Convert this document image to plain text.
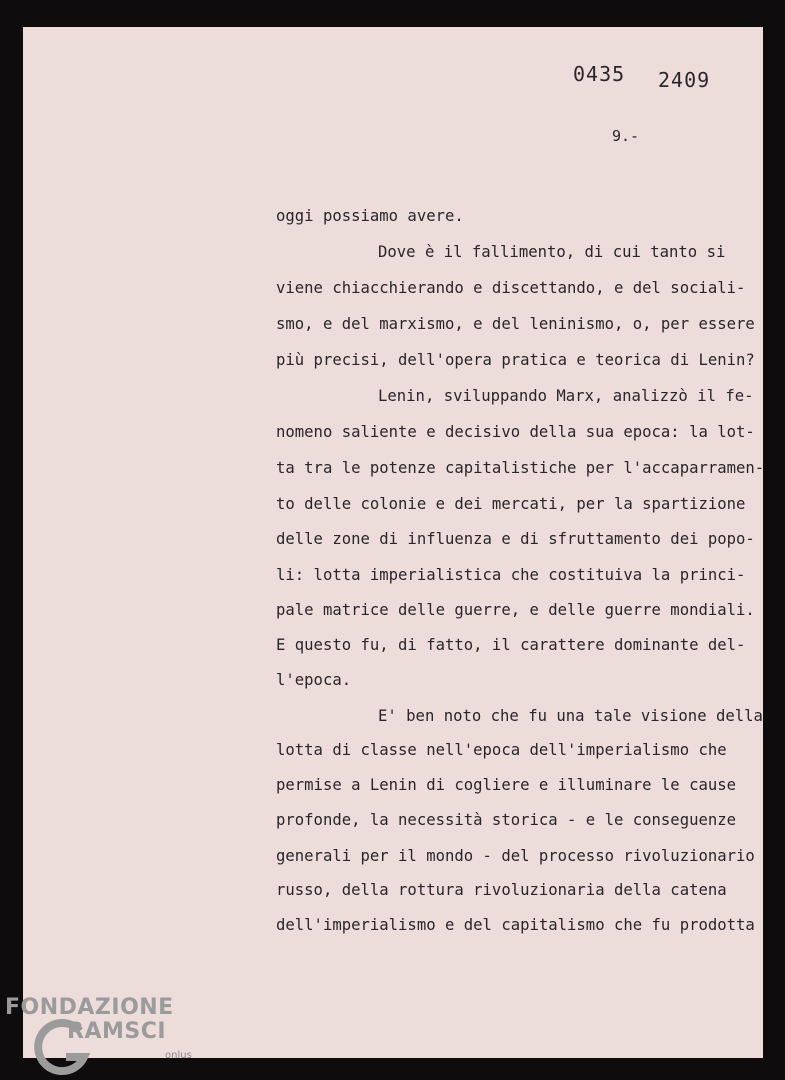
0435 2409
9.-
oggi possiamo avere.
Dove è il fallimento, di cui tanto si
viene chiacchierando e discettando, e del sociali-
smo, e del marxismo, e del leninismo, o, per essere
più precisi, dell'opera pratica e teorica di Lenin?
Lenin, sviluppando Marx, analizzò il fe-
nomeno saliente e decisivo della sua epoca: la lot-
ta tra le potenze capitalistiche per l'accaparramen-
to delle colonie e dei mercati, per la spartizione
delle zone di influenza e di sfruttamento dei popo-
li: lotta imperialistica che costituiva la princi-
pale matrice delle guerre, e delle guerre mondiali.
E questo fu, di fatto, il carattere dominante del-
l'epoca.
E' ben noto che fu una tale visione della
lotta di classe nell'epoca dell'imperialismo che
permise a Lenin di cogliere e illuminare le cause
profonde, la necessità storica - e le conseguenze
generali per il mondo - del processo rivoluzionario
russo, della rottura rivoluzionaria della catena
dell'imperialismo e del capitalismo che fu prodotta
FONDAZIONE
RAMSCI
onlus
